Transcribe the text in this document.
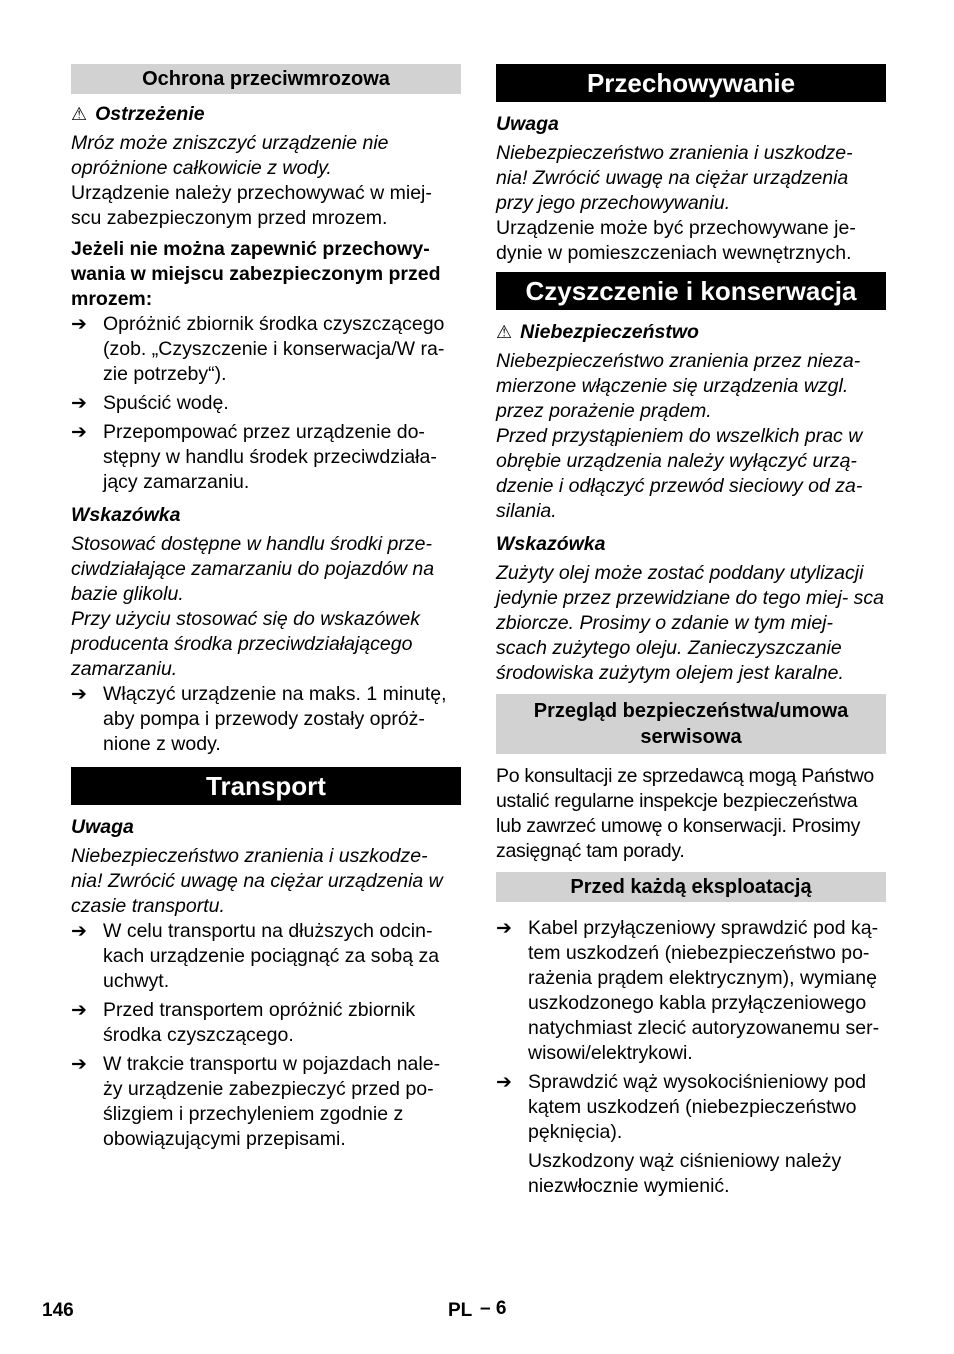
Ochrona przeciwmrozowa

⚠ Ostrzeżenie

Mróz może zniszczyć urządzenie nie opróżnione całkowicie z wody.

Urządzenie należy przechowywać w miej- scu zabezpieczonym przed mrozem.

Jeżeli nie można zapewnić przechowy- wania w miejscu zabezpieczonym przed mrozem:

➔ Opróżnić zbiornik środka czyszczącego (zob. „Czyszczenie i konserwacja/W ra- zie potrzeby“).

➔ Spuścić wodę.

➔ Przepompować przez urządzenie do- stępny w handlu środek przeciwdziała- jący zamarzaniu.

Wskazówka

Stosować dostępne w handlu środki prze- ciwdziałające zamarzaniu do pojazdów na bazie glikolu.

Przy użyciu stosować się do wskazówek producenta środka przeciwdziałającego zamarzaniu.

➔ Włączyć urządzenie na maks. 1 minutę, aby pompa i przewody zostały opróż- nione z wody.

Transport

Uwaga

Niebezpieczeństwo zranienia i uszkodze- nia! Zwrócić uwagę na ciężar urządzenia w czasie transportu.

➔ W celu transportu na dłuższych odcin- kach urządzenie pociągnąć za sobą za uchwyt.

➔ Przed transportem opróżnić zbiornik środka czyszczącego.

➔ W trakcie transportu w pojazdach nale- ży urządzenie zabezpieczyć przed po- ślizgiem i przechyleniem zgodnie z obowiązującymi przepisami.

Przechowywanie

Uwaga

Niebezpieczeństwo zranienia i uszkodze- nia! Zwrócić uwagę na ciężar urządzenia przy jego przechowywaniu.

Urządzenie może być przechowywane je- dynie w pomieszczeniach wewnętrznych.

Czyszczenie i konserwacja

⚠ Niebezpieczeństwo

Niebezpieczeństwo zranienia przez nieza- mierzone włączenie się urządzenia wzgl. przez porażenie prądem.

Przed przystąpieniem do wszelkich prac w obrębie urządzenia należy wyłączyć urzą- dzenie i odłączyć przewód sieciowy od za- silania.

Wskazówka

Zużyty olej może zostać poddany utylizacji jedynie przez przewidziane do tego miej- sca zbiorcze. Prosimy o zdanie w tym miej- scach zużytego oleju. Zanieczyszczanie środowiska zużytym olejem jest karalne.

Przegląd bezpieczeństwa/umowa serwisowa

Po konsultacji ze sprzedawcą mogą Państwo ustalić regularne inspekcje bezpieczeństwa lub zawrzeć umowę o konserwacji. Prosimy zasięgnąć tam porady.

Przed każdą eksploatacją

➔ Kabel przyłączeniowy sprawdzić pod ką- tem uszkodzeń (niebezpieczeństwo po- rażenia prądem elektrycznym), wymianę uszkodzonego kabla przyłączeniowego natychmiast zlecić autoryzowanemu ser- wisowi/elektrykowi.

➔ Sprawdzić wąż wysokociśnieniowy pod kątem uszkodzeń (niebezpieczeństwo pęknięcia).

Uszkodzony wąż ciśnieniowy należy niezwłocznie wymienić.

146	PL – 6
